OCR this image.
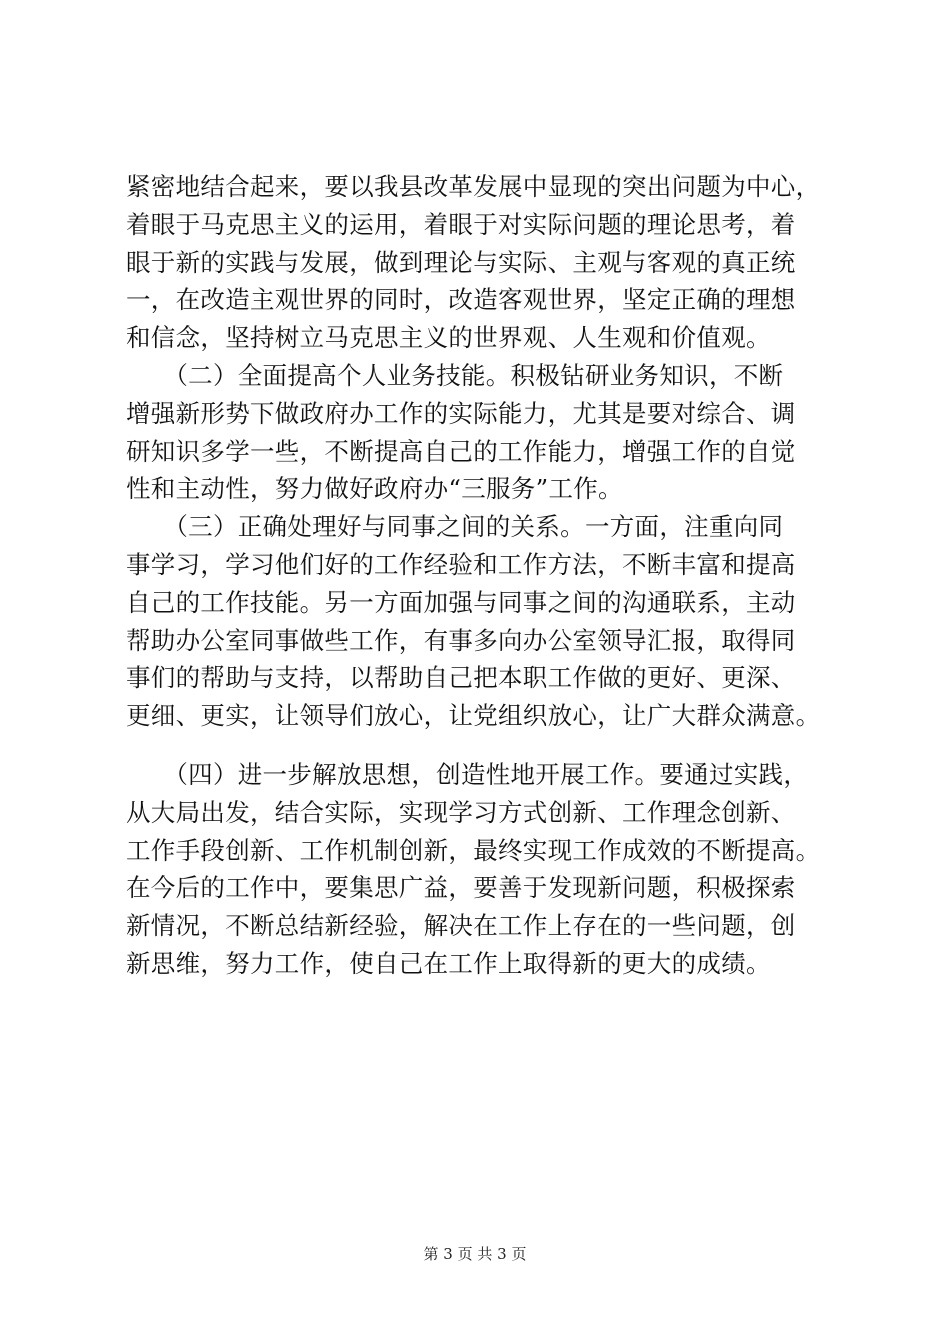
紧密地结合起来，要以我县改革发展中显现的突出问题为中心，
着眼于马克思主义的运用，着眼于对实际问题的理论思考，着
眼于新的实践与发展，做到理论与实际、主观与客观的真正统
一，在改造主观世界的同时，改造客观世界，坚定正确的理想
和信念，坚持树立马克思主义的世界观、人生观和价值观。
　　（二）全面提高个人业务技能。积极钻研业务知识，不断
增强新形势下做政府办工作的实际能力，尤其是要对综合、调
研知识多学一些，不断提高自己的工作能力，增强工作的自觉
性和主动性，努力做好政府办“三服务”工作。
　　（三）正确处理好与同事之间的关系。一方面，注重向同
事学习，学习他们好的工作经验和工作方法，不断丰富和提高
自己的工作技能。另一方面加强与同事之间的沟通联系，主动
帮助办公室同事做些工作，有事多向办公室领导汇报，取得同
事们的帮助与支持，以帮助自己把本职工作做的更好、更深、
更细、更实，让领导们放心，让党组织放心，让广大群众满意。
　　（四）进一步解放思想，创造性地开展工作。要通过实践，
从大局出发，结合实际，实现学习方式创新、工作理念创新、
工作手段创新、工作机制创新，最终实现工作成效的不断提高。
在今后的工作中，要集思广益，要善于发现新问题，积极探索
新情况，不断总结新经验，解决在工作上存在的一些问题，创
新思维，努力工作，使自己在工作上取得新的更大的成绩。
第 3 页 共 3 页
